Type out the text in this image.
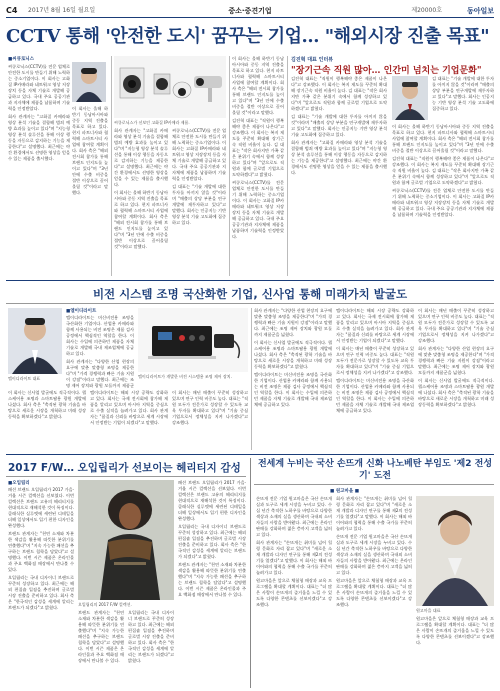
C4 2017년 8월 16일 월요일	중소·중견기업	제20000호	동아일보
CCTV 통해 '안전한 도시' 꿈꾸는 기업… "해외시장 진출 목표"
■씨큐로닉스

씨큐로닉스(CCTV)를 전문 업체로 안전한 도시를 만들기 위해 노력하는 중소기업이다. 이 회사는 고화질 IP카메라와 네트워크 영상 저장장치 등을 자체 기술로 개발해 공급하고 있다. 국내 주요 공공기관과 지자체에 제품을 납품하며 기술력을 인정받았다.

회사 관계자는 "고화질 카메라와 영상 분석 기술을 결합해 범죄 예방 효과를 높이고 있다"며 "지능형 영상 분석 솔루션을 통해 이상 행동을 자동으로 감지하는 기능을 제공한다"고 설명했다. 최근에는 야간 환경에서도 선명한 영상을 얻을 수 있는 제품을 출시했다.

이 회사는 올해 하반기 동남아시아와 중동 지역 진출을 목표로 하고 있다. 현지 파트너사와 협력해 스마트시티 사업에 참여할 계획이다. 회사 측은 "해외 전시회 참가를 통해 브랜드 인지도를 높이고 있다"며 "3년 안에 수출 비중을 절반 이상으로 끌어올릴 것"이라고 말했다.

씨큐로닉스가 선보인 고화질 IP카메라 제품.

회사 관계자는 "고화질 카메라와 영상 분석 기술을 결합해 범죄 예방 효과를 높이고 있다"며 "지능형 영상 분석 솔루션을 통해 이상 행동을 자동으로 감지하는 기능을 제공한다"고 설명했다. 최근에는 야간 환경에서도 선명한 영상을 얻을 수 있는 제품을 출시했다.

이 회사는 올해 하반기 동남아시아와 중동 지역 진출을 목표로 하고 있다. 현지 파트너사와 협력해 스마트시티 사업에 참여할 계획이다. 회사 측은 "해외 전시회 참가를 통해 브랜드 인지도를 높이고 있다"며 "3년 안에 수출 비중을 절반 이상으로 끌어올릴 것"이라고 말했다.

씨큐로닉스(CCTV)를 전문 업체로 안전한 도시를 만들기 위해 노력하는 중소기업이다. 이 회사는 고화질 IP카메라와 네트워크 영상 저장장치 등을 자체 기술로 개발해 공급하고 있다. 국내 주요 공공기관과 지자체에 제품을 납품하며 기술력을 인정받았다.

김 대표는 "기술 개발에 대한 투자를 아끼지 않을 것"이라며 "매출의 상당 부분을 연구개발에 재투자하고 있다"고 말했다. 회사는 인공지능 기반 영상 분석 기술 고도화에 집중하고 있다.

이 회사는 올해 하반기 동남아시아와 중동 지역 진출을 목표로 하고 있다. 현지 파트너사와 협력해 스마트시티 사업에 참여할 계획이다. 회사 측은 "해외 전시회 참가를 통해 브랜드 인지도를 높이고 있다"며 "3년 안에 수출 비중을 절반 이상으로 끌어올릴 것"이라고 말했다.

김진혁 대표는 "직원이 행복해야 좋은 제품이 나온다"고 강조했다. 이 회사는 복지 제도를 꾸준히 확대해 장기근속 직원 비율이 높다. 김 대표는 "작은 회사지만 가족 같은 분위기 속에서 함께 성장하고 있다"며 "앞으로도 직원과 함께 글로벌 기업으로 도약하겠다"고 밝혔다.

씨큐로닉스(CCTV)를 전문 업체로 안전한 도시를 만들기 위해 노력하는 중소기업이다. 이 회사는 고화질 IP카메라와 네트워크 영상 저장장치 등을 자체 기술로 개발해 공급하고 있다. 국내 주요 공공기관과 지자체에 제품을 납품하며 기술력을 인정받았다.

김진혁 대표 인터뷰
"장기근속 직원 많아… 인간미 넘치는 기업문화"

김진혁 대표는 "직원이 행복해야 좋은 제품이 나온다"고 강조했다. 이 회사는 복지 제도를 꾸준히 확대해 장기근속 직원 비율이 높다. 김 대표는 "작은 회사지만 가족 같은 분위기 속에서 함께 성장하고 있다"며 "앞으로도 직원과 함께 글로벌 기업으로 도약하겠다"고 밝혔다.

김 대표는 "기술 개발에 대한 투자를 아끼지 않을 것"이라며 "매출의 상당 부분을 연구개발에 재투자하고 있다"고 말했다. 회사는 인공지능 기반 영상 분석 기술 고도화에 집중하고 있다.

회사 관계자는 "고화질 카메라와 영상 분석 기술을 결합해 범죄 예방 효과를 높이고 있다"며 "지능형 영상 분석 솔루션을 통해 이상 행동을 자동으로 감지하는 기능을 제공한다"고 설명했다. 최근에는 야간 환경에서도 선명한 영상을 얻을 수 있는 제품을 출시했다.

김 대표는 "기술 개발에 대한 투자를 아끼지 않을 것"이라며 "매출의 상당 부분을 연구개발에 재투자하고 있다"고 말했다. 회사는 인공지능 기반 영상 분석 기술 고도화에 집중하고 있다.

이 회사는 올해 하반기 동남아시아와 중동 지역 진출을 목표로 하고 있다. 현지 파트너사와 협력해 스마트시티 사업에 참여할 계획이다. 회사 측은 "해외 전시회 참가를 통해 브랜드 인지도를 높이고 있다"며 "3년 안에 수출 비중을 절반 이상으로 끌어올릴 것"이라고 말했다.

김진혁 대표는 "직원이 행복해야 좋은 제품이 나온다"고 강조했다. 이 회사는 복지 제도를 꾸준히 확대해 장기근속 직원 비율이 높다. 김 대표는 "작은 회사지만 가족 같은 분위기 속에서 함께 성장하고 있다"며 "앞으로도 직원과 함께 글로벌 기업으로 도약하겠다"고 밝혔다.

씨큐로닉스(CCTV)를 전문 업체로 안전한 도시를 만들기 위해 노력하는 중소기업이다. 이 회사는 고화질 IP카메라와 네트워크 영상 저장장치 등을 자체 기술로 개발해 공급하고 있다. 국내 주요 공공기관과 지자체에 제품을 납품하며 기술력을 인정받았다.

비전 시스템 조명 국산화한 기업, 신사업 통해 미래가치 발굴도
엘이디라이트 대표
■엘이디라이트

엘이디라이트는 머신비전용 조명을 국산화한 기업이다. 산업용 카메라와 함께 사용되는 비전 조명은 제품 검사 공정에서 핵심적인 역할을 한다. 이 회사는 수입에 의존하던 제품을 자체 기술로 개발해 국내 제조업체에 공급하고 있다.

회사 관계자는 "다양한 산업 현장의 요구에 맞춘 맞춤형 조명을 제공한다"며 "가격 경쟁력과 빠른 기술 지원이 강점"이라고 말했다. 최근에는 조명 제어 장치와 광원 모듈까지 제품군

엘이디라이트가 개발한 비전 시스템용 조명 제어 장치.

이 회사는 신사업 발굴에도 적극적이다. 헬스케어용 조명과 스마트팜용 광원 개발에 나섰다. 회사 측은 "축적된 광학 기술을 바탕으로 새로운 시장을 개척하고 미래 성장동력을 확보하겠다"고 밝혔다.

엘이디라이트는 해외 시장 공략도 강화하고 있다. 회사는 국제 전시회에 참가해 제품을 알리고 있으며 아시아 지역을 중심으로 수출 실적을 늘려가고 있다. 회사 관계자는 "품질과 신뢰를 바탕으로 세계 시장에서 인정받는 기업이 되겠다"고 말했다.

이 회사는 매년 매출이 꾸준히 성장하고 있으며 연구 인력 비중도 높다. 대표는 "직원 모두가 전문가로 성장할 수 있도록 교육 투자를 확대하고 있다"며 "기술 중심 기업으로서 정체성을 지켜 나가겠다"고 강조했다.

회사 관계자는 "다양한 산업 현장의 요구에 맞춘 맞춤형 조명을 제공한다"며 "가격 경쟁력과 빠른 기술 지원이 강점"이라고 말했다. 최근에는 조명 제어 장치와 광원 모듈까지 제품군을 넓혔다.

이 회사는 신사업 발굴에도 적극적이다. 헬스케어용 조명과 스마트팜용 광원 개발에 나섰다. 회사 측은 "축적된 광학 기술을 바탕으로 새로운 시장을 개척하고 미래 성장동력을 확보하겠다"고 밝혔다.

엘이디라이트는 머신비전용 조명을 국산화한 기업이다. 산업용 카메라와 함께 사용되는 비전 조명은 제품 검사 공정에서 핵심적인 역할을 한다. 이 회사는 수입에 의존하던 제품을 자체 기술로 개발해 국내 제조업체에 공급하고 있다.

엘이디라이트는 해외 시장 공략도 강화하고 있다. 회사는 국제 전시회에 참가해 제품을 알리고 있으며 아시아 지역을 중심으로 수출 실적을 늘려가고 있다. 회사 관계자는 "품질과 신뢰를 바탕으로 세계 시장에서 인정받는 기업이 되겠다"고 말했다.

이 회사는 매년 매출이 꾸준히 성장하고 있으며 연구 인력 비중도 높다. 대표는 "직원 모두가 전문가로 성장할 수 있도록 교육 투자를 확대하고 있다"며 "기술 중심 기업으로서 정체성을 지켜 나가겠다"고 강조했다.

엘이디라이트는 머신비전용 조명을 국산화한 기업이다. 산업용 카메라와 함께 사용되는 비전 조명은 제품 검사 공정에서 핵심적인 역할을 한다. 이 회사는 수입에 의존하던 제품을 자체 기술로 개발해 국내 제조업체에 공급하고 있다.

이 회사는 매년 매출이 꾸준히 성장하고 있으며 연구 인력 비중도 높다. 대표는 "직원 모두가 전문가로 성장할 수 있도록 교육 투자를 확대하고 있다"며 "기술 중심 기업으로서 정체성을 지켜 나가겠다"고 강조했다.

회사 관계자는 "다양한 산업 현장의 요구에 맞춘 맞춤형 조명을 제공한다"며 "가격 경쟁력과 빠른 기술 지원이 강점"이라고 말했다. 최근에는 조명 제어 장치와 광원 모듈까지 제품군을 넓혔다.

이 회사는 신사업 발굴에도 적극적이다. 헬스케어용 조명과 스마트팜용 광원 개발에 나섰다. 회사 측은 "축적된 광학 기술을 바탕으로 새로운 시장을 개척하고 미래 성장동력을 확보하겠다"고 밝혔다.

2017 F/W… 오입립리가 선보이는 헤리티지 감성
■오입립리

패션 브랜드 오입립리가 2017 가을·겨울 시즌 컬렉션을 선보였다. 이번 컬렉션은 브랜드 고유의 헤리티지를 현대적으로 재해석한 것이 특징이다. 클래식한 실루엣에 세련된 디테일을 더해 일상에서도 입기 편한 디자인을 완성했다.

브랜드 관계자는 "천연 소재와 차분한 색감을 활용해 따뜻한 분위기를 연출했다"며 "지속 가능한 패션을 추구하는 브랜드 철학을 담았다"고 설명했다. 이번 시즌 제품은 온라인몰과 주요 백화점 매장에서 만나볼 수 있다.

오입립리는 국내 디자이너 브랜드로 꾸준히 성장하고 있다. 최근에는 해외 편집숍 입점을 추진하며 글로벌 시장 진출을 준비하고 있다. 회사 측은 "한국적인 감성을 세계에 알리는 브랜드가 되겠다"고 밝혔다.

오입립리의 2017 F/W 컬렉션.

브랜드 관계자는 "천연 소재와 차분한 색감을 활용해 따뜻한 분위기를 연출했다"며 "지속 가능한 패션을 추구하는 브랜드 철학을 담았다"고 설명했다. 이번 시즌 제품은 온라인몰과 주요 백화점 매장에서 만나볼 수 있다.

오입립리는 국내 디자이너 브랜드로 꾸준히 성장하고 있다. 최근에는 해외 편집숍 입점을 추진하며 글로벌 시장 진출을 준비하고 있다. 회사 측은 "한국적인 감성을 세계에 알리는 브랜드가 되겠다"고 밝혔다.

패션 브랜드 오입립리가 2017 가을·겨울 시즌 컬렉션을 선보였다. 이번 컬렉션은 브랜드 고유의 헤리티지를 현대적으로 재해석한 것이 특징이다. 클래식한 실루엣에 세련된 디테일을 더해 일상에서도 입기 편한 디자인을 완성했다.

오입립리는 국내 디자이너 브랜드로 꾸준히 성장하고 있다. 최근에는 해외 편집숍 입점을 추진하며 글로벌 시장 진출을 준비하고 있다. 회사 측은 "한국적인 감성을 세계에 알리는 브랜드가 되겠다"고 밝혔다.

브랜드 관계자는 "천연 소재와 차분한 색감을 활용해 따뜻한 분위기를 연출했다"며 "지속 가능한 패션을 추구하는 브랜드 철학을 담았다"고 설명했다. 이번 시즌 제품은 온라인몰과 주요 백화점 매장에서 만나볼 수 있다.

전세계 누비는 국산 손뜨개 신화 나노베탄 부임도 '제2 전성기' 도전
■ 원고마을 ■

손뜨개 전문 기업 원고마을은 국산 손뜨개 실과 도구로 세계 시장을 누비고 있다. 수십 년간 축적한 노하우를 바탕으로 다양한 색상과 소재의 실을 생산하며 국내외 소비자들의 사랑을 받아왔다. 최근에는 온라인 판매를 강화하며 젊은 층까지 고객을 넓히고 있다.

회사 관계자는 "손뜨개는 취미를 넘어 힐링 문화로 자리 잡고 있다"며 "새로운 소재 개발과 디자인 연구를 통해 제2의 전성기를 열겠다"고 말했다. 이 회사는 해외 바이어와의 협력을 통해 수출 국가를 꾸준히 늘려가고 있다.

원고마을은 앞으로 체험형 매장과 교육 프로그램을 확대할 계획이다. 대표는 "더 많은 사람이 손뜨개의 즐거움을 느낄 수 있도록 다양한 콘텐츠를 선보이겠다"고 강조했다.

회사 관계자는 "손뜨개는 취미를 넘어 힐링 문화로 자리 잡고 있다"며 "새로운 소재 개발과 디자인 연구를 통해 제2의 전성기를 열겠다"고 말했다. 이 회사는 해외 바이어와의 협력을 통해 수출 국가를 꾸준히 늘려가고 있다.

손뜨개 전문 기업 원고마을은 국산 손뜨개 실과 도구로 세계 시장을 누비고 있다. 수십 년간 축적한 노하우를 바탕으로 다양한 색상과 소재의 실을 생산하며 국내외 소비자들의 사랑을 받아왔다. 최근에는 온라인 판매를 강화하며 젊은 층까지 고객을 넓히고 있다.

원고마을은 앞으로 체험형 매장과 교육 프로그램을 확대할 계획이다. 대표는 "더 많은 사람이 손뜨개의 즐거움을 느낄 수 있도록 다양한 콘텐츠를 선보이겠다"고 강조했다.

원고마을 대표

원고마을은 앞으로 체험형 매장과 교육 프로그램을 확대할 계획이다. 대표는 "더 많은 사람이 손뜨개의 즐거움을 느낄 수 있도록 다양한 콘텐츠를 선보이겠다"고 강조했다.
